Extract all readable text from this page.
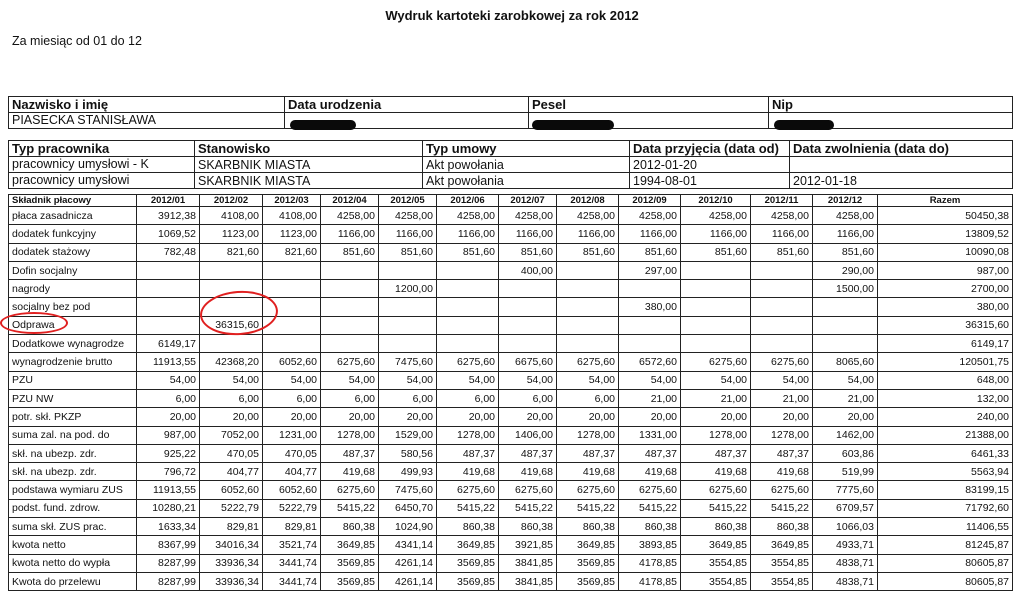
Wydruk kartoteki zarobkowej za rok 2012
Za miesiąc od 01 do 12
Nazwisko i imię	Data urodzenia	Pesel	Nip
PIASECKA STANISŁAWA			
Typ pracownika	Stanowisko	Typ umowy	Data przyjęcia (data od)	Data zwolnienia (data do)
pracownicy umysłowi - K	SKARBNIK MIASTA	Akt powołania	2012-01-20	
pracownicy umysłowi	SKARBNIK MIASTA	Akt powołania	1994-08-01	2012-01-18
Składnik płacowy	2012/01	2012/02	2012/03	2012/04	2012/05	2012/06	2012/07	2012/08	2012/09	2012/10	2012/11	2012/12	Razem
płaca zasadnicza	3912,38	4108,00	4108,00	4258,00	4258,00	4258,00	4258,00	4258,00	4258,00	4258,00	4258,00	4258,00	50450,38
dodatek funkcyjny	1069,52	1123,00	1123,00	1166,00	1166,00	1166,00	1166,00	1166,00	1166,00	1166,00	1166,00	1166,00	13809,52
dodatek stażowy	782,48	821,60	821,60	851,60	851,60	851,60	851,60	851,60	851,60	851,60	851,60	851,60	10090,08
Dofin socjalny							400,00		297,00			290,00	987,00
nagrody					1200,00							1500,00	2700,00
socjalny bez pod									380,00				380,00
Odprawa		36315,60											36315,60
Dodatkowe wynagrodze	6149,17												6149,17
wynagrodzenie brutto	11913,55	42368,20	6052,60	6275,60	7475,60	6275,60	6675,60	6275,60	6572,60	6275,60	6275,60	8065,60	120501,75
PZU	54,00	54,00	54,00	54,00	54,00	54,00	54,00	54,00	54,00	54,00	54,00	54,00	648,00
PZU NW	6,00	6,00	6,00	6,00	6,00	6,00	6,00	6,00	21,00	21,00	21,00	21,00	132,00
potr. skł. PKZP	20,00	20,00	20,00	20,00	20,00	20,00	20,00	20,00	20,00	20,00	20,00	20,00	240,00
suma zal. na pod. do	987,00	7052,00	1231,00	1278,00	1529,00	1278,00	1406,00	1278,00	1331,00	1278,00	1278,00	1462,00	21388,00
skł. na ubezp. zdr.	925,22	470,05	470,05	487,37	580,56	487,37	487,37	487,37	487,37	487,37	487,37	603,86	6461,33
skł. na ubezp. zdr.	796,72	404,77	404,77	419,68	499,93	419,68	419,68	419,68	419,68	419,68	419,68	519,99	5563,94
podstawa wymiaru ZUS	11913,55	6052,60	6052,60	6275,60	7475,60	6275,60	6275,60	6275,60	6275,60	6275,60	6275,60	7775,60	83199,15
podst. fund. zdrow.	10280,21	5222,79	5222,79	5415,22	6450,70	5415,22	5415,22	5415,22	5415,22	5415,22	5415,22	6709,57	71792,60
suma skł. ZUS prac.	1633,34	829,81	829,81	860,38	1024,90	860,38	860,38	860,38	860,38	860,38	860,38	1066,03	11406,55
kwota netto	8367,99	34016,34	3521,74	3649,85	4341,14	3649,85	3921,85	3649,85	3893,85	3649,85	3649,85	4933,71	81245,87
kwota netto do wypła	8287,99	33936,34	3441,74	3569,85	4261,14	3569,85	3841,85	3569,85	4178,85	3554,85	3554,85	4838,71	80605,87
Kwota do przelewu	8287,99	33936,34	3441,74	3569,85	4261,14	3569,85	3841,85	3569,85	4178,85	3554,85	3554,85	4838,71	80605,87
